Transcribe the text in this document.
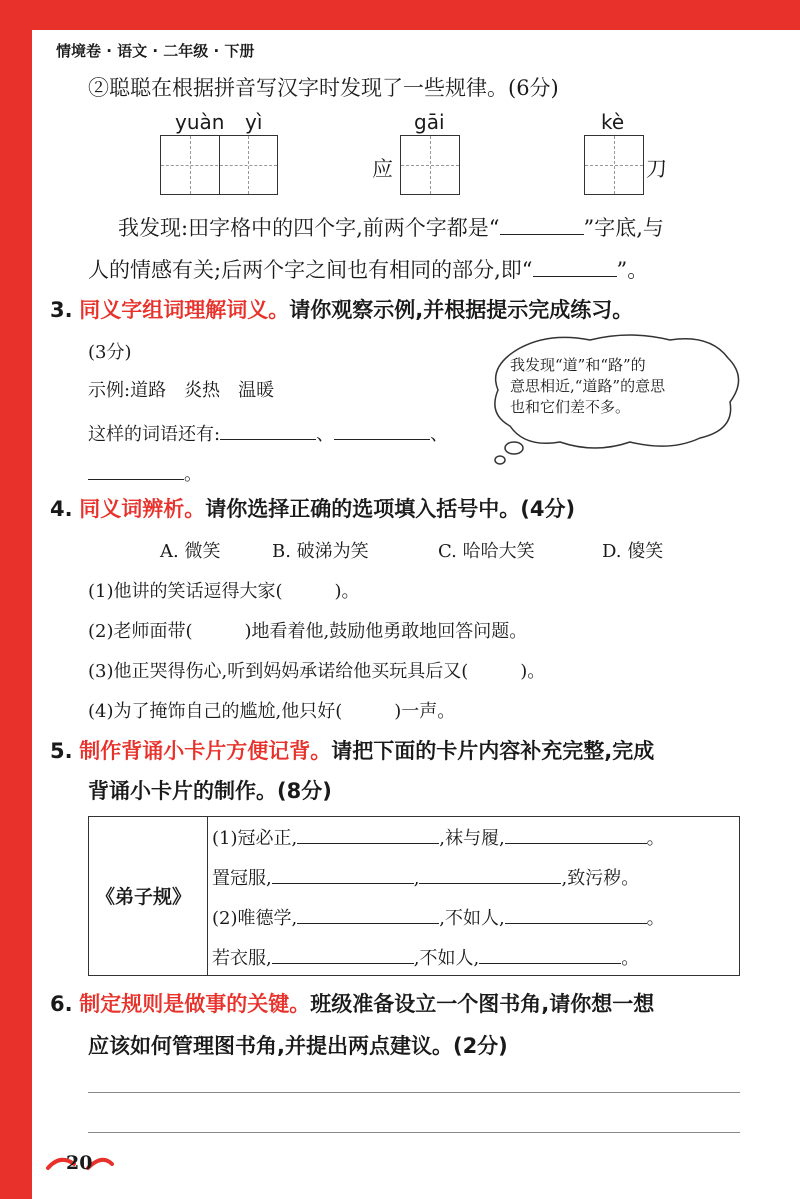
情境卷 · 语文 · 二年级 · 下册
②聪聪在根据拼音写汉字时发现了一些规律。(6分)
yuàn yì	gāi	kè
应	刀
我发现:田字格中的四个字,前两个字都是“	”字底,与
人的情感有关;后两个字之间也有相同的部分,即“	”。
3. 同义字组词理解词义。请你观察示例,并根据提示完成练习。
(3分)
示例:道路　炎热　温暖
这样的词语还有:	、	、
。
我发现“道”和“路”的
意思相近,“道路”的意思
也和它们差不多。
4. 同义词辨析。请你选择正确的选项填入括号中。(4分)
A. 微笑	B. 破涕为笑	C. 哈哈大笑	D. 傻笑
(1)他讲的笑话逗得大家(	)。
(2)老师面带(	)地看着他,鼓励他勇敢地回答问题。
(3)他正哭得伤心,听到妈妈承诺给他买玩具后又(	)。
(4)为了掩饰自己的尴尬,他只好(	)一声。
5. 制作背诵小卡片方便记背。请把下面的卡片内容补充完整,完成
背诵小卡片的制作。(8分)
《弟子规》
(1)冠必正,	,袜与履,	。
置冠服,	,	,致污秽。
(2)唯德学,	,不如人,	。
若衣服,	,不如人,	。
6. 制定规则是做事的关键。班级准备设立一个图书角,请你想一想
应该如何管理图书角,并提出两点建议。(2分)
20
